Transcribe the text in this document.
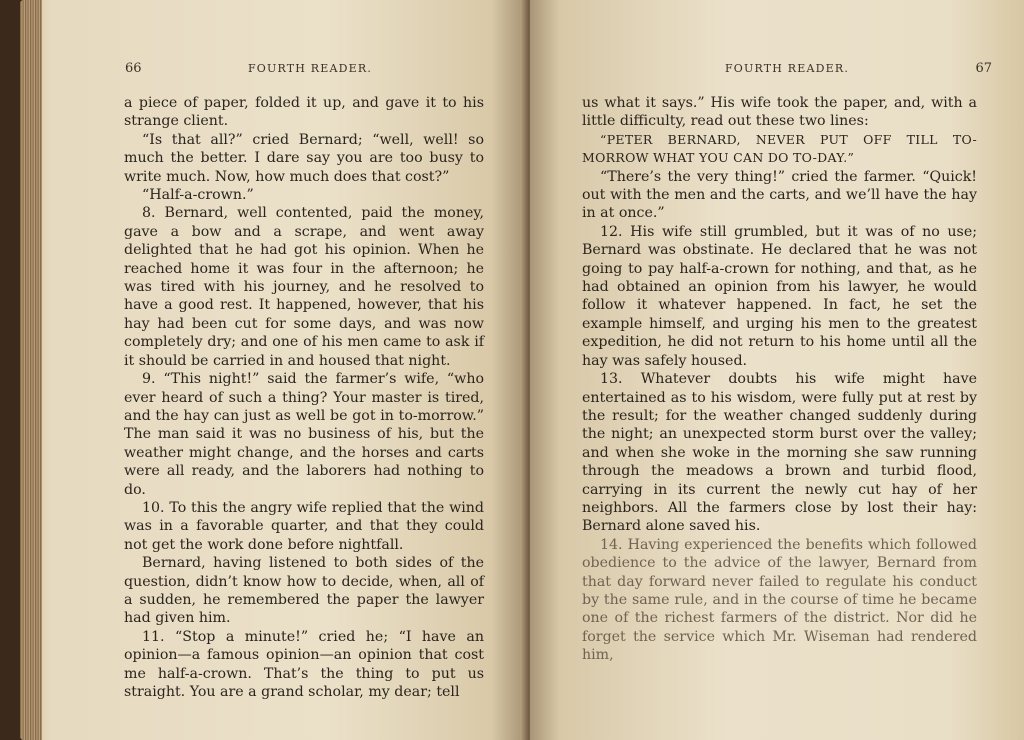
66	FOURTH READER.

a piece of paper, folded it up, and gave it to his strange client.

“Is that all?” cried Bernard; “well, well! so much the better. I dare say you are too busy to write much. Now, how much does that cost?”

“Half-a-crown.”

8. Bernard, well contented, paid the money, gave a bow and a scrape, and went away delighted that he had got his opinion. When he reached home it was four in the afternoon; he was tired with his journey, and he resolved to have a good rest. It happened, however, that his hay had been cut for some days, and was now completely dry; and one of his men came to ask if it should be carried in and housed that night.

9. “This night!” said the farmer’s wife, “who ever heard of such a thing? Your master is tired, and the hay can just as well be got in to-morrow.” The man said it was no business of his, but the weather might change, and the horses and carts were all ready, and the laborers had nothing to do.

10. To this the angry wife replied that the wind was in a favorable quarter, and that they could not get the work done before nightfall.

Bernard, having listened to both sides of the question, didn’t know how to decide, when, all of a sudden, he remembered the paper the lawyer had given him.

11. “Stop a minute!” cried he; “I have an opinion—a famous opinion—an opinion that cost me half-a-crown. That’s the thing to put us straight. You are a grand scholar, my dear; tell

FOURTH READER.	67

us what it says.” His wife took the paper, and, with a little difficulty, read out these two lines:

“PETER BERNARD, NEVER PUT OFF TILL TO-MORROW WHAT YOU CAN DO TO-DAY.”

“There’s the very thing!” cried the farmer. “Quick! out with the men and the carts, and we’ll have the hay in at once.”

12. His wife still grumbled, but it was of no use; Bernard was obstinate. He declared that he was not going to pay half-a-crown for nothing, and that, as he had obtained an opinion from his lawyer, he would follow it whatever happened. In fact, he set the example himself, and urging his men to the greatest expedition, he did not return to his home until all the hay was safely housed.

13. Whatever doubts his wife might have entertained as to his wisdom, were fully put at rest by the result; for the weather changed suddenly during the night; an unexpected storm burst over the valley; and when she woke in the morning she saw running through the meadows a brown and turbid flood, carrying in its current the newly cut hay of her neighbors. All the farmers close by lost their hay: Bernard alone saved his.

14. Having experienced the benefits which followed obedience to the advice of the lawyer, Bernard from that day forward never failed to regulate his conduct by the same rule, and in the course of time he became one of the richest farmers of the district. Nor did he forget the service which Mr. Wiseman had rendered him,
